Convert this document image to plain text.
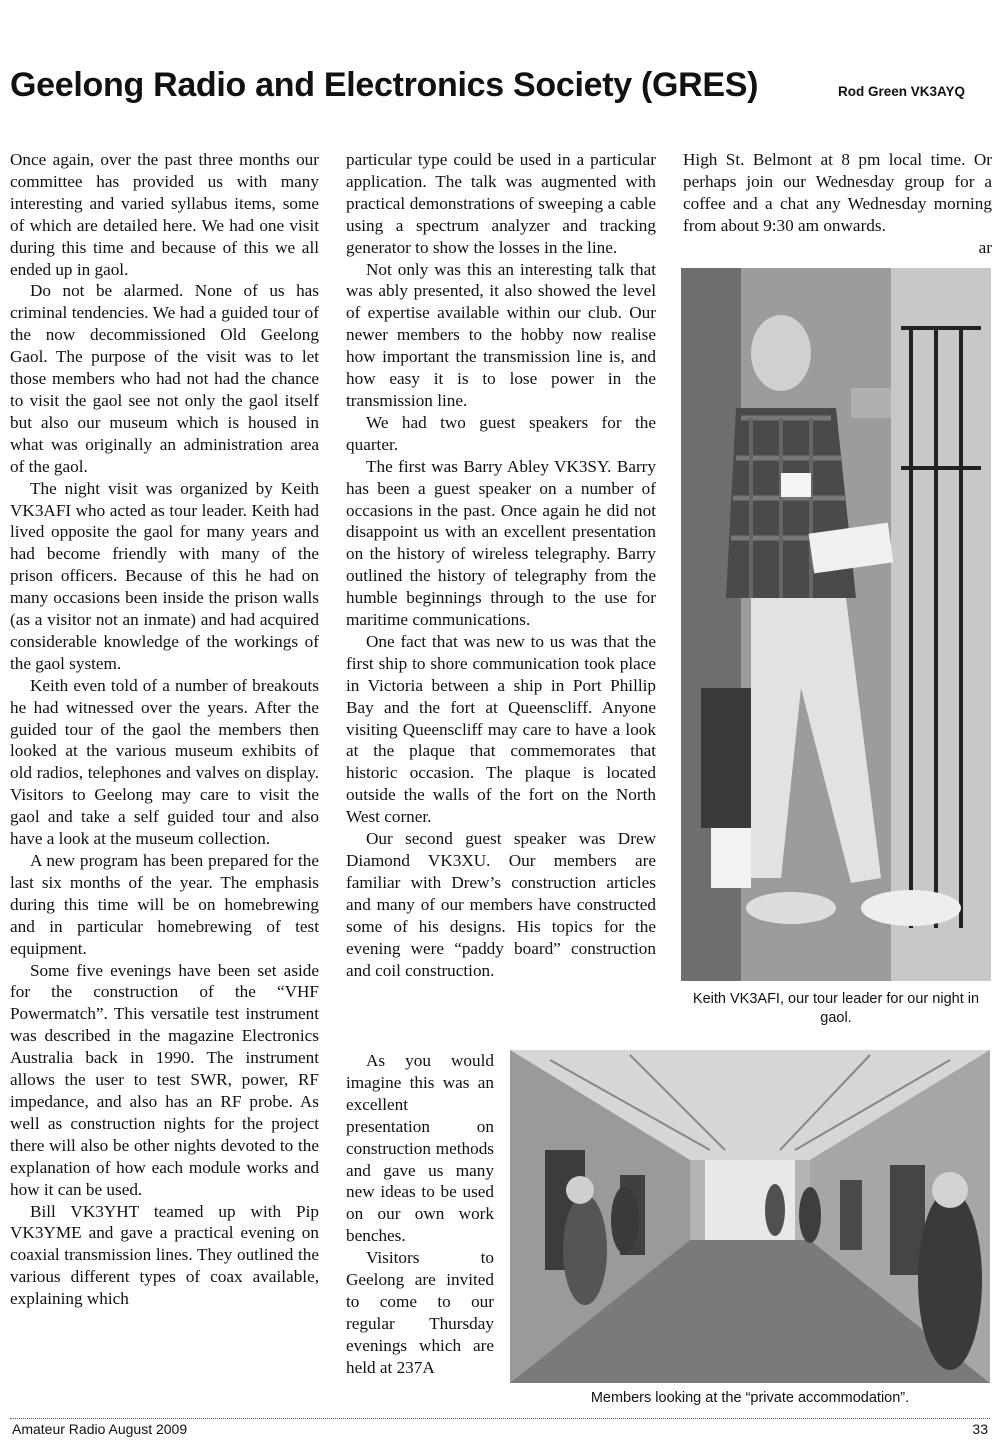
Geelong Radio and Electronics Society (GRES)	Rod Green VK3AYQ

Once again, over the past three months our committee has provided us with many interesting and varied syllabus items, some of which are detailed here. We had one visit during this time and because of this we all ended up in gaol.

Do not be alarmed. None of us has criminal tendencies. We had a guided tour of the now decommissioned Old Geelong Gaol. The purpose of the visit was to let those members who had not had the chance to visit the gaol see not only the gaol itself but also our museum which is housed in what was originally an administration area of the gaol.

The night visit was organized by Keith VK3AFI who acted as tour leader. Keith had lived opposite the gaol for many years and had become friendly with many of the prison officers. Because of this he had on many occasions been inside the prison walls (as a visitor not an inmate) and had acquired considerable knowledge of the workings of the gaol system.

Keith even told of a number of breakouts he had witnessed over the years. After the guided tour of the gaol the members then looked at the various museum exhibits of old radios, telephones and valves on display. Visitors to Geelong may care to visit the gaol and take a self guided tour and also have a look at the museum collection.

A new program has been prepared for the last six months of the year. The emphasis during this time will be on homebrewing and in particular homebrewing of test equipment.

Some five evenings have been set aside for the construction of the “VHF Powermatch”. This versatile test instrument was described in the magazine Electronics Australia back in 1990. The instrument allows the user to test SWR, power, RF impedance, and also has an RF probe. As well as construction nights for the project there will also be other nights devoted to the explanation of how each module works and how it can be used.

Bill VK3YHT teamed up with Pip VK3YME and gave a practical evening on coaxial transmission lines. They outlined the various different types of coax available, explaining which

particular type could be used in a particular application. The talk was augmented with practical demonstrations of sweeping a cable using a spectrum analyzer and tracking generator to show the losses in the line.

Not only was this an interesting talk that was ably presented, it also showed the level of expertise available within our club. Our newer members to the hobby now realise how important the transmission line is, and how easy it is to lose power in the transmission line.

We had two guest speakers for the quarter.

The first was Barry Abley VK3SY. Barry has been a guest speaker on a number of occasions in the past. Once again he did not disappoint us with an excellent presentation on the history of wireless telegraphy. Barry outlined the history of telegraphy from the humble beginnings through to the use for maritime communications.

One fact that was new to us was that the first ship to shore communication took place in Victoria between a ship in Port Phillip Bay and the fort at Queenscliff. Anyone visiting Queenscliff may care to have a look at the plaque that commemorates that historic occasion. The plaque is located outside the walls of the fort on the North West corner.

Our second guest speaker was Drew Diamond VK3XU. Our members are familiar with Drew’s construction articles and many of our members have constructed some of his designs. His topics for the evening were “paddy board” construction and coil construction.

As you would imagine this was an excellent presentation on construction methods and gave us many new ideas to be used on our own work benches.

Visitors to Geelong are invited to come to our regular Thursday evenings which are held at 237A

High St. Belmont at 8 pm local time. Or perhaps join our Wednesday group for a coffee and a chat any Wednesday morning from about 9:30 am onwards.

ar

Keith VK3AFI, our tour leader for our night in gaol.
Members looking at the “private accommodation”.
Amateur Radio August 2009	33
